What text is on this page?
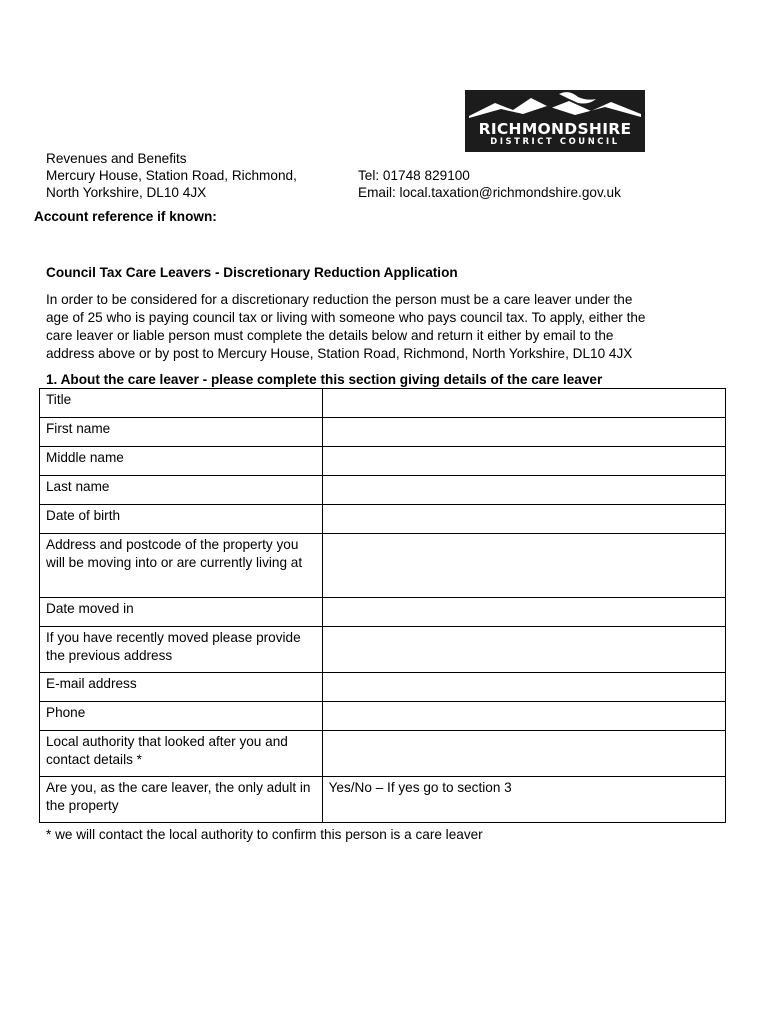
RICHMONDSHIRE
DISTRICT COUNCIL
Revenues and Benefits
Mercury House, Station Road, Richmond,
North Yorkshire, DL10 4JX
Tel: 01748 829100
Email: local.taxation@richmondshire.gov.uk
Account reference if known:
Council Tax Care Leavers - Discretionary Reduction Application
In order to be considered for a discretionary reduction the person must be a care leaver under the
age of 25 who is paying council tax or living with someone who pays council tax. To apply, either the
care leaver or liable person must complete the details below and return it either by email to the
address above or by post to Mercury House, Station Road, Richmond, North Yorkshire, DL10 4JX
1. About the care leaver - please complete this section giving details of the care leaver
Title	
First name	
Middle name	
Last name	
Date of birth	
Address and postcode of the property you will be moving into or are currently living at	
Date moved in	
If you have recently moved please provide the previous address	
E-mail address	
Phone	
Local authority that looked after you and contact details *	
Are you, as the care leaver, the only adult in the property	Yes/No – If yes go to section 3
* we will contact the local authority to confirm this person is a care leaver
